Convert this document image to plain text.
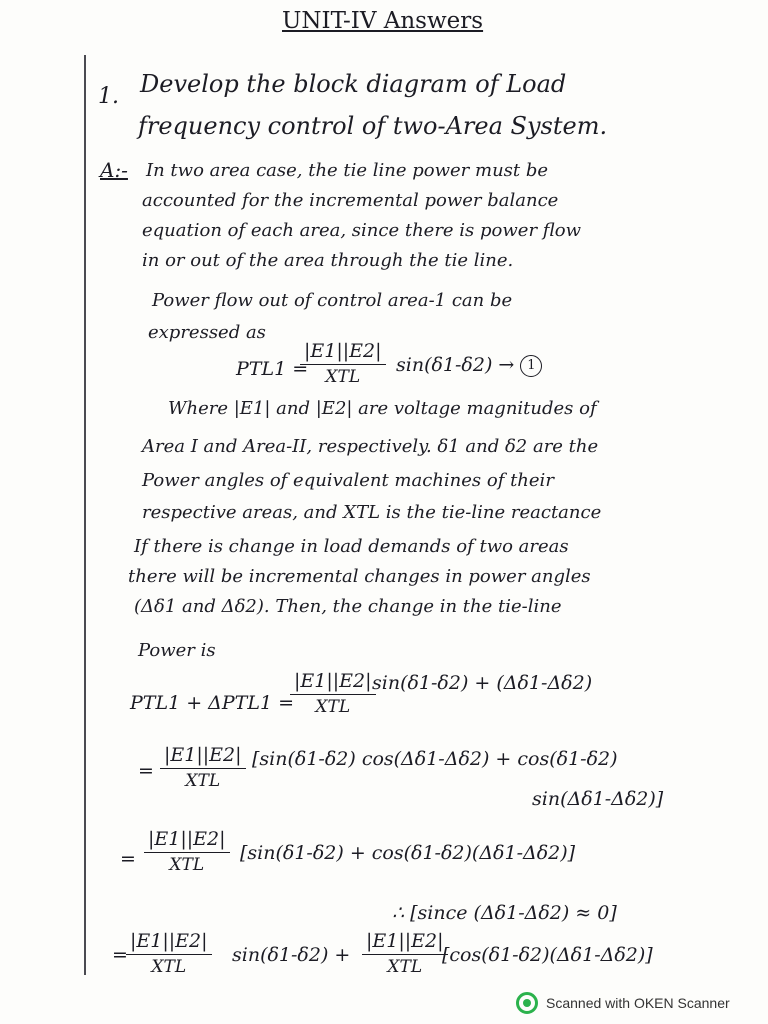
UNIT-IV Answers
1. Develop the block diagram of Load
frequency control of two-Area System.
A:- In two area case, the tie line power must be
accounted for the incremental power balance
equation of each area, since there is power flow
in or out of the area through the tie line.
Power flow out of control area-1 can be
expressed as
PTL1 =
|E1||E2|
XTL
sin(δ1-δ2) → 1
Where |E1| and |E2| are voltage magnitudes of
Area I and Area-II, respectively. δ1 and δ2 are the
Power angles of equivalent machines of their
respective areas, and XTL is the tie-line reactance
If there is change in load demands of two areas
there will be incremental changes in power angles
(Δδ1 and Δδ2). Then, the change in the tie-line
Power is
PTL1 + ΔPTL1 =
|E1||E2|
XTL
sin(δ1-δ2) + (Δδ1-Δδ2)
=
|E1||E2|
XTL
[sin(δ1-δ2) cos(Δδ1-Δδ2) + cos(δ1-δ2)
sin(Δδ1-Δδ2)]
=
|E1||E2|
XTL
[sin(δ1-δ2) + cos(δ1-δ2)(Δδ1-Δδ2)]
∴ [since (Δδ1-Δδ2) ≈ 0]
=
|E1||E2|
XTL
sin(δ1-δ2) +
|E1||E2|
XTL
[cos(δ1-δ2)(Δδ1-Δδ2)]
Scanned with OKEN Scanner
